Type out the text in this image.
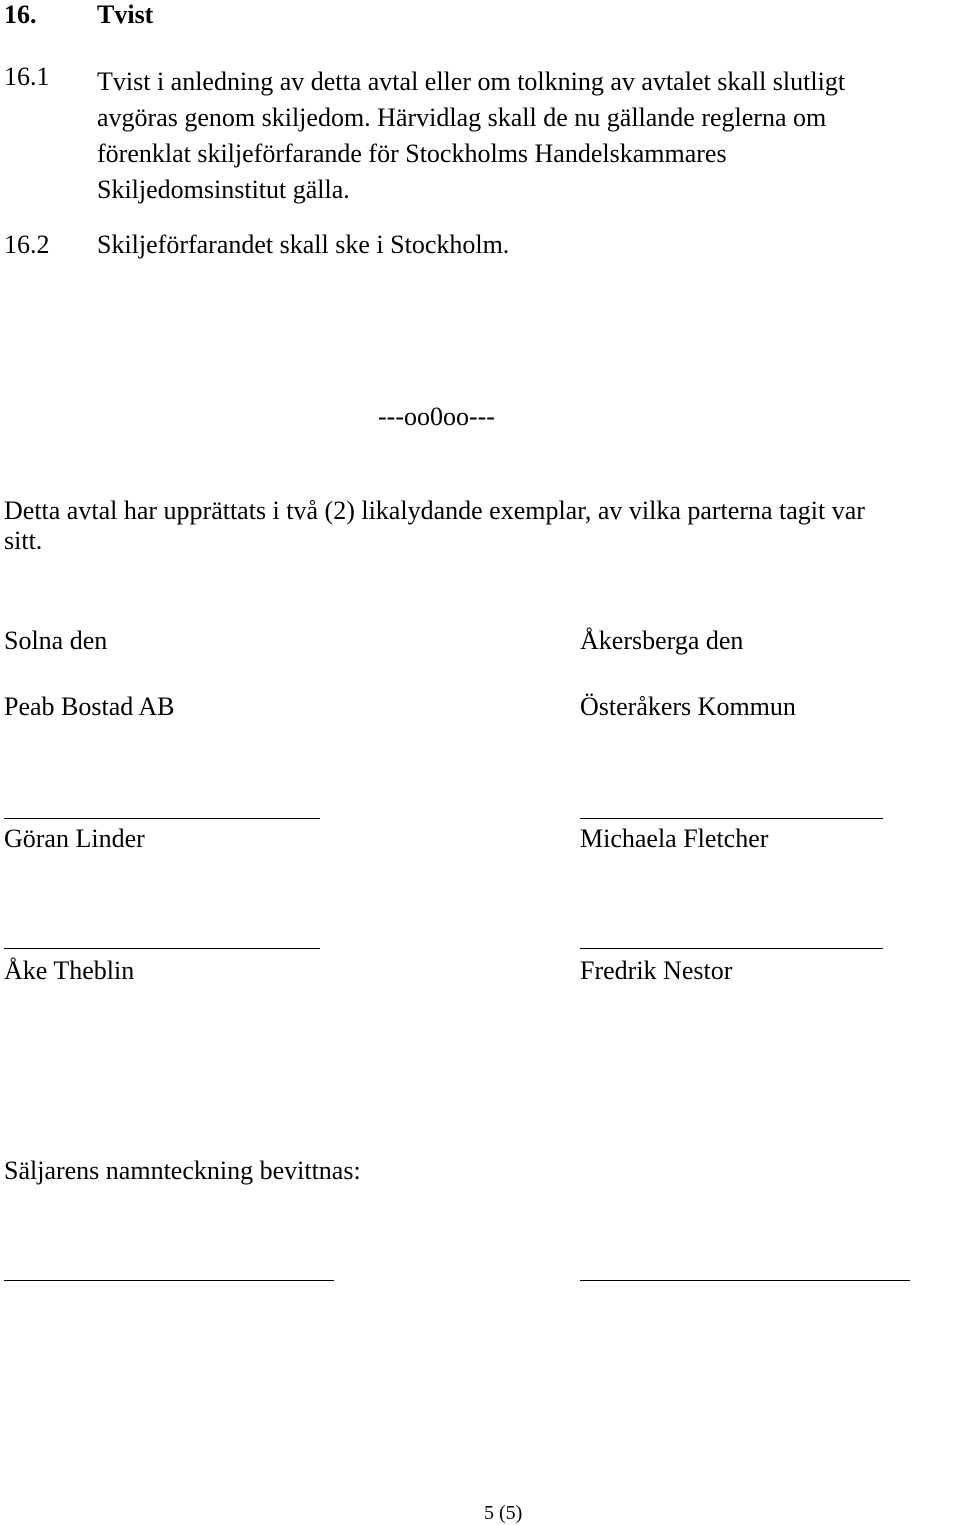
16. Tvist
16.1 Tvist i anledning av detta avtal eller om tolkning av avtalet skall slutligt
avgöras genom skiljedom. Härvidlag skall de nu gällande reglerna om
förenklat skiljeförfarande för Stockholms Handelskammares
Skiljedomsinstitut gälla.
16.2 Skiljeförfarandet skall ske i Stockholm.
---oo0oo---
Detta avtal har upprättats i två (2) likalydande exemplar, av vilka parterna tagit var
sitt.
Solna den
Peab Bostad AB
Åkersberga den
Österåkers Kommun
Göran Linder	Michaela Fletcher
Åke Theblin	Fredrik Nestor
Säljarens namnteckning bevittnas:
5 (5)
